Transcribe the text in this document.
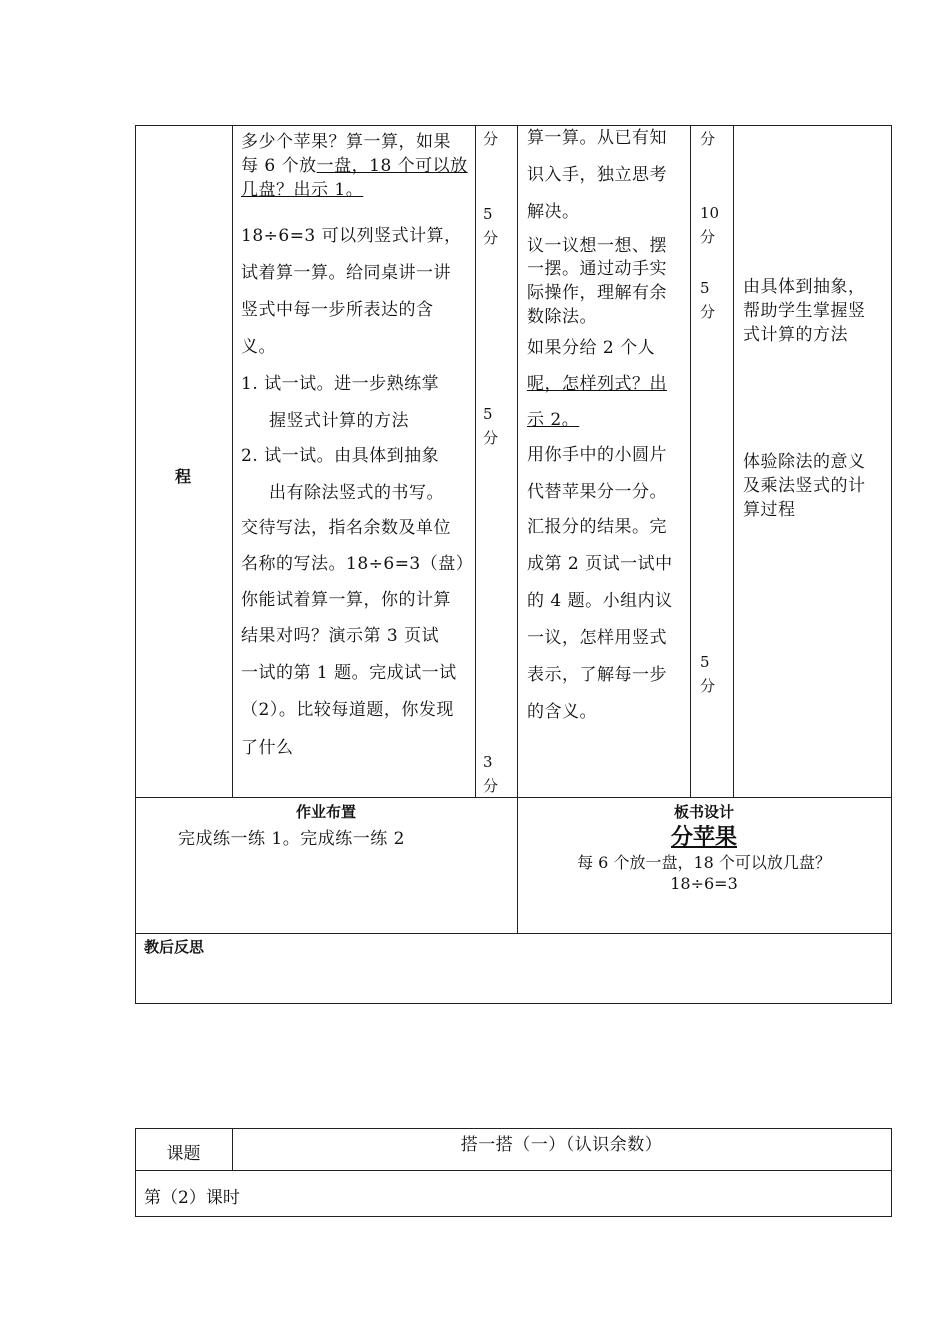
程
多少个苹果？算一算，如果
每 6 个放一盘，18 个可以放
几盘？出示 1。
18÷6=3 可以列竖式计算，
试着算一算。给同桌讲一讲
竖式中每一步所表达的含
义。
1. 试一试。进一步熟练掌
握竖式计算的方法
2. 试一试。由具体到抽象
出有除法竖式的书写。
交待写法，指名余数及单位
名称的写法。18÷6=3（盘）
你能试着算一算，你的计算
结果对吗？演示第 3 页试
一试的第 1 题。完成试一试
（2）。比较每道题，你发现
了什么
分
5
分
5
分
3
分
算一算。从已有知
识入手，独立思考
解决。
议一议想一想、摆
一摆。通过动手实
际操作，理解有余
数除法。
如果分给 2 个人
呢，怎样列式？出
示 2。
用你手中的小圆片
代替苹果分一分。
汇报分的结果。完
成第 2 页试一试中
的 4 题。小组内议
一议，怎样用竖式
表示，了解每一步
的含义。
分
10
分
5
分
5
分
由具体到抽象，
帮助学生掌握竖
式计算的方法
体验除法的意义
及乘法竖式的计
算过程
作业布置
完成练一练 1。完成练一练 2
板书设计
分苹果
每 6 个放一盘，18 个可以放几盘？
18÷6=3
教后反思
课题	搭一搭（一）（认识余数）
第（2）课时
